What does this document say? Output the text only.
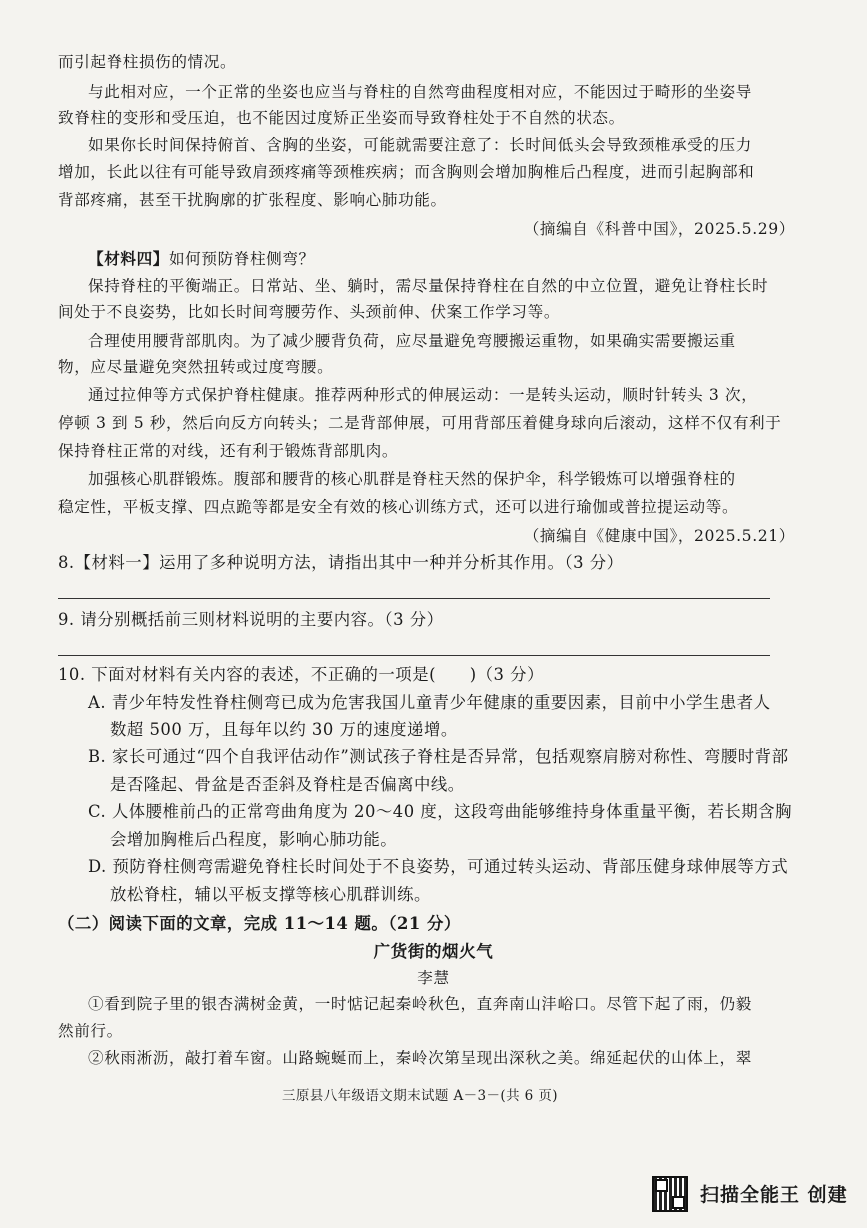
而引起脊柱损伤的情况。
与此相对应，一个正常的坐姿也应当与脊柱的自然弯曲程度相对应，不能因过于畸形的坐姿导
致脊柱的变形和受压迫，也不能因过度矫正坐姿而导致脊柱处于不自然的状态。
如果你长时间保持俯首、含胸的坐姿，可能就需要注意了：长时间低头会导致颈椎承受的压力
增加，长此以往有可能导致肩颈疼痛等颈椎疾病；而含胸则会增加胸椎后凸程度，进而引起胸部和
背部疼痛，甚至干扰胸廓的扩张程度、影响心肺功能。
（摘编自《科普中国》，2025.5.29）
【材料四】如何预防脊柱侧弯？
保持脊柱的平衡端正。日常站、坐、躺时，需尽量保持脊柱在自然的中立位置，避免让脊柱长时
间处于不良姿势，比如长时间弯腰劳作、头颈前伸、伏案工作学习等。
合理使用腰背部肌肉。为了减少腰背负荷，应尽量避免弯腰搬运重物，如果确实需要搬运重
物，应尽量避免突然扭转或过度弯腰。
通过拉伸等方式保护脊柱健康。推荐两种形式的伸展运动：一是转头运动，顺时针转头 3 次，
停顿 3 到 5 秒，然后向反方向转头；二是背部伸展，可用背部压着健身球向后滚动，这样不仅有利于
保持脊柱正常的对线，还有利于锻炼背部肌肉。
加强核心肌群锻炼。腹部和腰背的核心肌群是脊柱天然的保护伞，科学锻炼可以增强脊柱的
稳定性，平板支撑、四点跪等都是安全有效的核心训练方式，还可以进行瑜伽或普拉提运动等。
（摘编自《健康中国》，2025.5.21）
8.【材料一】运用了多种说明方法，请指出其中一种并分析其作用。（3 分）
9. 请分别概括前三则材料说明的主要内容。（3 分）
10. 下面对材料有关内容的表述，不正确的一项是(　　)（3 分）
A. 青少年特发性脊柱侧弯已成为危害我国儿童青少年健康的重要因素，目前中小学生患者人
数超 500 万，且每年以约 30 万的速度递增。
B. 家长可通过“四个自我评估动作”测试孩子脊柱是否异常，包括观察肩膀对称性、弯腰时背部
是否隆起、骨盆是否歪斜及脊柱是否偏离中线。
C. 人体腰椎前凸的正常弯曲角度为 20～40 度，这段弯曲能够维持身体重量平衡，若长期含胸
会增加胸椎后凸程度，影响心肺功能。
D. 预防脊柱侧弯需避免脊柱长时间处于不良姿势，可通过转头运动、背部压健身球伸展等方式
放松脊柱，辅以平板支撑等核心肌群训练。
（二）阅读下面的文章，完成 11～14 题。（21 分）
广货街的烟火气
李慧
①看到院子里的银杏满树金黄，一时惦记起秦岭秋色，直奔南山沣峪口。尽管下起了雨，仍毅
然前行。
②秋雨淅沥，敲打着车窗。山路蜿蜒而上，秦岭次第呈现出深秋之美。绵延起伏的山体上，翠
三原县八年级语文期末试题 A－3－(共 6 页)
扫描全能王 创建
